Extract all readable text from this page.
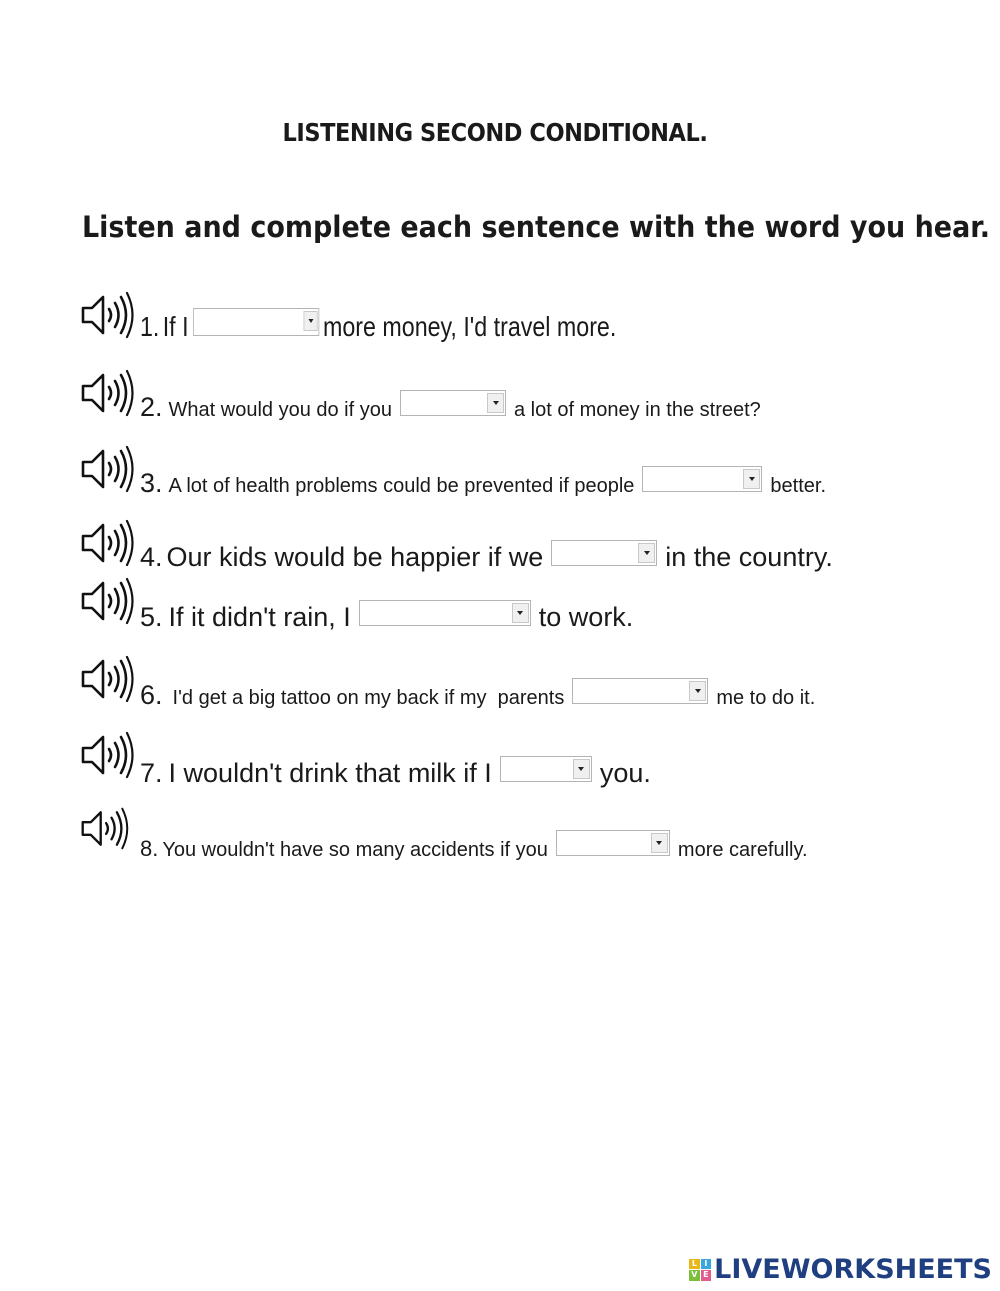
LISTENING SECOND CONDITIONAL.
Listen and complete each sentence with the word you hear.
1. If I	more money, I'd travel more.
2. What would you do if you	a lot of money in the street?
3. A lot of health problems could be prevented if people	better.
4. Our kids would be happier if we	in the country.
5. If it didn't rain, I	to work.
6. I'd get a big tattoo on my back if my  parents	me to do it.
7. I wouldn't drink that milk if I	you.
8. You wouldn't have so many accidents if you	more carefully.
L I
V E LIVEWORKSHEETS
